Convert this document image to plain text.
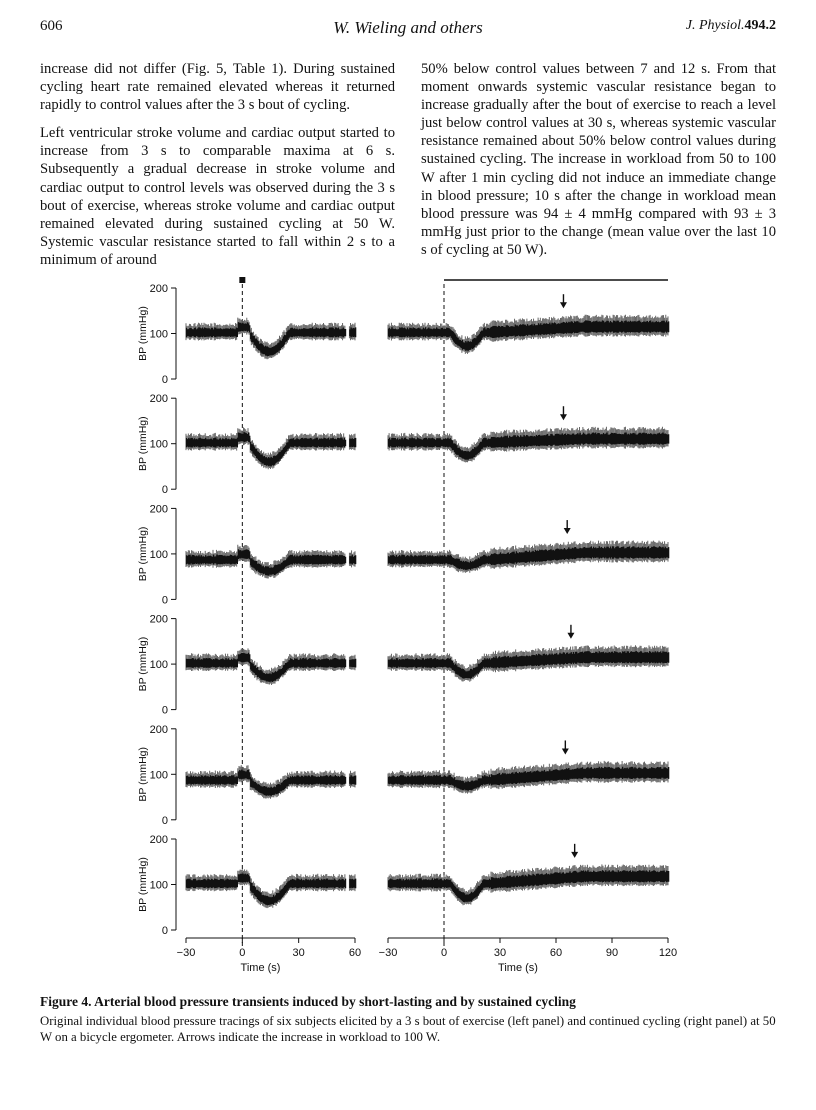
606	W. Wieling and others	J. Physiol.494.2

increase did not differ (Fig. 5, Table 1). During sustained cycling heart rate remained elevated whereas it returned rapidly to control values after the 3 s bout of cycling.

Left ventricular stroke volume and cardiac output started to increase from 3 s to comparable maxima at 6 s. Subsequently a gradual decrease in stroke volume and cardiac output to control levels was observed during the 3 s bout of exercise, whereas stroke volume and cardiac output remained elevated during sustained cycling at 50 W. Systemic vascular resistance started to fall within 2 s to a minimum of around

50% below control values between 7 and 12 s. From that moment onwards systemic vascular resistance began to increase gradually after the bout of exercise to reach a level just below control values at 30 s, whereas systemic vascular resistance remained about 50% below control values during sustained cycling. The increase in workload from 50 to 100 W after 1 min cycling did not induce an immediate change in blood pressure; 10 s after the change in workload mean blood pressure was 94 ± 4 mmHg compared with 93 ± 3 mmHg just prior to the change (mean value over the last 10 s of cycling at 50 W).

0
100
200
BP (mmHg)
0
100
200
BP (mmHg)
0
100
200
BP (mmHg)
0
100
200
BP (mmHg)
0
100
200
BP (mmHg)
0
100
200
BP (mmHg)
−30	0	30	60
Time (s)
−30	0	30	60	90	120
Time (s)

Figure 4. Arterial blood pressure transients induced by short-lasting and by sustained cycling

Original individual blood pressure tracings of six subjects elicited by a 3 s bout of exercise (left panel) and continued cycling (right panel) at 50 W on a bicycle ergometer. Arrows indicate the increase in workload to 100 W.
